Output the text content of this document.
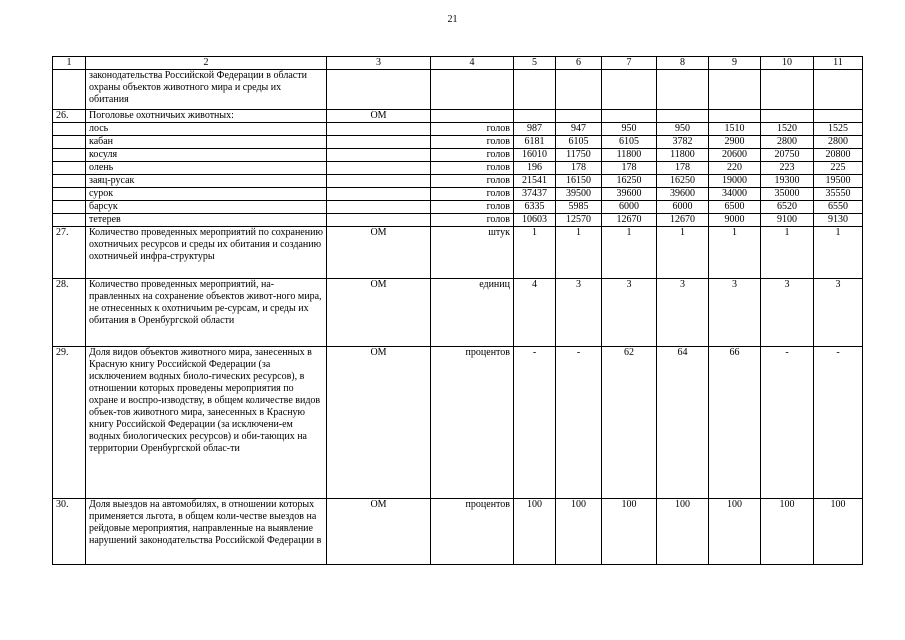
21
1	2	3	4	5	6	7	8	9	10	11
	законодательства Российской Федерации в области охраны объектов животного мира и среды их обитания									
26.	Поголовье охотничьих животных:	ОМ								
	лось		голов	987	947	950	950	1510	1520	1525
	кабан		голов	6181	6105	6105	3782	2900	2800	2800
	косуля		голов	16010	11750	11800	11800	20600	20750	20800
	олень		голов	196	178	178	178	220	223	225
	заяц-русак		голов	21541	16150	16250	16250	19000	19300	19500
	сурок		голов	37437	39500	39600	39600	34000	35000	35550
	барсук		голов	6335	5985	6000	6000	6500	6520	6550
	тетерев		голов	10603	12570	12670	12670	9000	9100	9130
27.	Количество проведенных мероприятий по сохранению охотничьих ресурсов и среды их обитания и созданию охотничьей инфра-структуры	ОМ	штук	1	1	1	1	1	1	1
28.	Количество проведенных мероприятий, на-правленных на сохранение объектов живот-ного мира, не отнесенных к охотничьим ре-сурсам, и среды их обитания в Оренбургской области	ОМ	единиц	4	3	3	3	3	3	3
29.	Доля видов объектов животного мира, занесенных в Красную книгу Российской Федерации (за исключением водных биоло-гических ресурсов), в отношении которых проведены мероприятия по охране и воспро-изводству, в общем количестве видов объек-тов животного мира, занесенных в Красную книгу Российской Федерации (за исключени-ем водных биологических ресурсов) и оби-тающих на территории Оренбургской облас-ти	ОМ	процентов	-	-	62	64	66	-	-
30.	Доля выездов на автомобилях, в отношении которых применяется льгота, в общем коли-честве выездов на рейдовые мероприятия, направленные на выявление нарушений законодательства Российской Федерации в	ОМ	процентов	100	100	100	100	100	100	100
